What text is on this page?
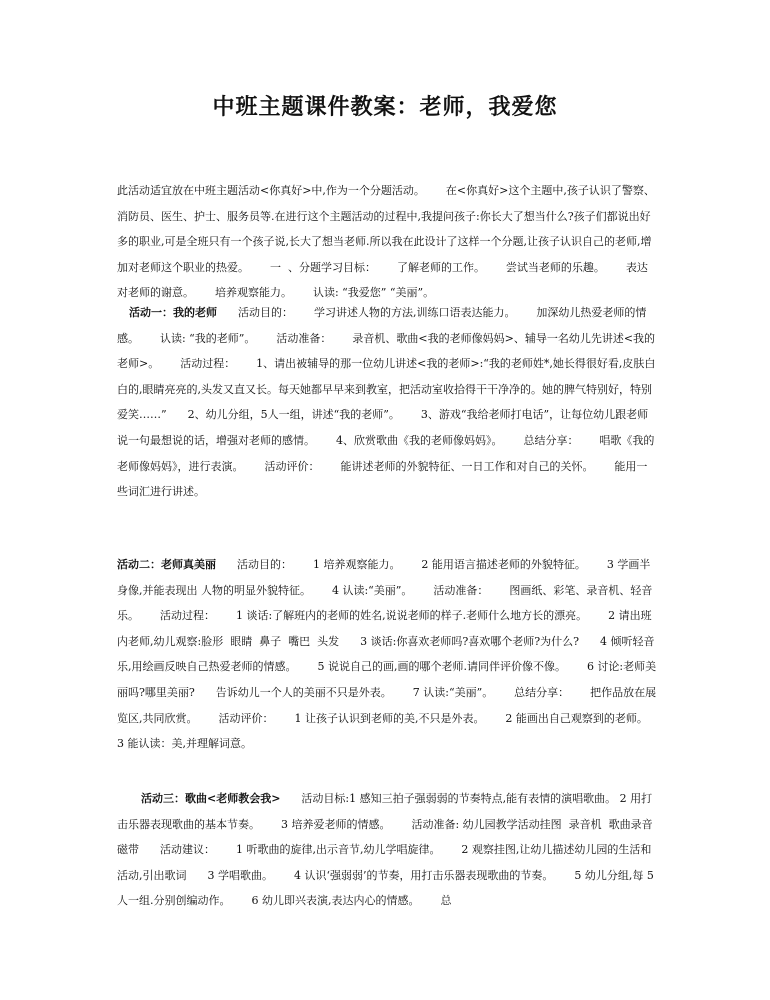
中班主题课件教案：老师，我爱您

此活动适宜放在中班主题活动<你真好>中,作为一个分题活动。      在<你真好>这个主题中,孩子认识了警察、消防员、医生、护士、服务员等.在进行这个主题活动的过程中,我提问孩子:你长大了想当什么?孩子们都说出好多的职业,可是全班只有一个孩子说,长大了想当老师.所以我在此设计了这样一个分题,让孩子认识自己的老师,增加对老师这个职业的热爱。      一  、分题学习目标：      了解老师的工作。      尝试当老师的乐趣。      表达对老师的谢意。      培养观察能力。      认读: “我爱您” “美丽”。

活动一：我的老师      活动目的：      学习讲述人物的方法,训练口语表达能力。      加深幼儿热爱老师的情感。      认读: “我的老师”。      活动准备：      录音机、歌曲<我的老师像妈妈>、辅导一名幼儿先讲述<我的老师>。      活动过程：      1、请出被辅导的那一位幼儿讲述<我的老师>:“我的老师姓*,她长得很好看,皮肤白白的,眼睛亮亮的,头发又直又长。每天她都早早来到教室，把活动室收拾得干干净净的。她的脾气特别好，特别爱笑……”      2、幼儿分组，5人一组，讲述“我的老师”。      3、游戏“我给老师打电话”，让每位幼儿跟老师说一句最想说的话，增强对老师的感情。      4、欣赏歌曲《我的老师像妈妈》。      总结分享：      唱歌《我的老师像妈妈》，进行表演。      活动评价：      能讲述老师的外貌特征、一日工作和对自己的关怀。      能用一些词汇进行讲述。

活动二：老师真美丽      活动目的：      1 培养观察能力。      2 能用语言描述老师的外貌特征。      3 学画半身像,并能表现出 人物的明显外貌特征。      4 认读:“美丽”。      活动准备：      图画纸、彩笔、录音机、轻音乐。      活动过程：      1 谈话:了解班内的老师的姓名,说说老师的样子.老师什么地方长的漂亮。      2 请出班内老师,幼儿观察:脸形  眼睛  鼻子  嘴巴  头发      3 谈话:你喜欢老师吗?喜欢哪个老师?为什么?      4 倾听轻音乐,用绘画反映自己热爱老师的情感。      5 说说自己的画,画的哪个老师.请同伴评价像不像。      6 讨论:老师美丽吗?哪里美丽?      告诉幼儿一个人的美丽不只是外表。      7 认读:“美丽”。      总结分享：      把作品放在展览区,共同欣赏。      活动评价：      1 让孩子认识到老师的美,不只是外表。      2 能画出自己观察到的老师。      3 能认读：美,并理解词意。

活动三：歌曲<老师教会我>      活动目标:1 感知三拍子强弱弱的节奏特点,能有表情的演唱歌曲。 2 用打击乐器表现歌曲的基本节奏。      3 培养爱老师的情感。      活动准备: 幼儿园教学活动挂图  录音机  歌曲录音磁带      活动建议：      1 听歌曲的旋律,出示音节,幼儿学唱旋律。      2 观察挂图,让幼儿描述幼儿园的生活和活动,引出歌词      3 学唱歌曲。      4 认识‘强弱弱’的节奏，用打击乐器表现歌曲的节奏。      5 幼儿分组,每 5 人一组.分别创编动作。      6 幼儿即兴表演,表达内心的情感。      总
